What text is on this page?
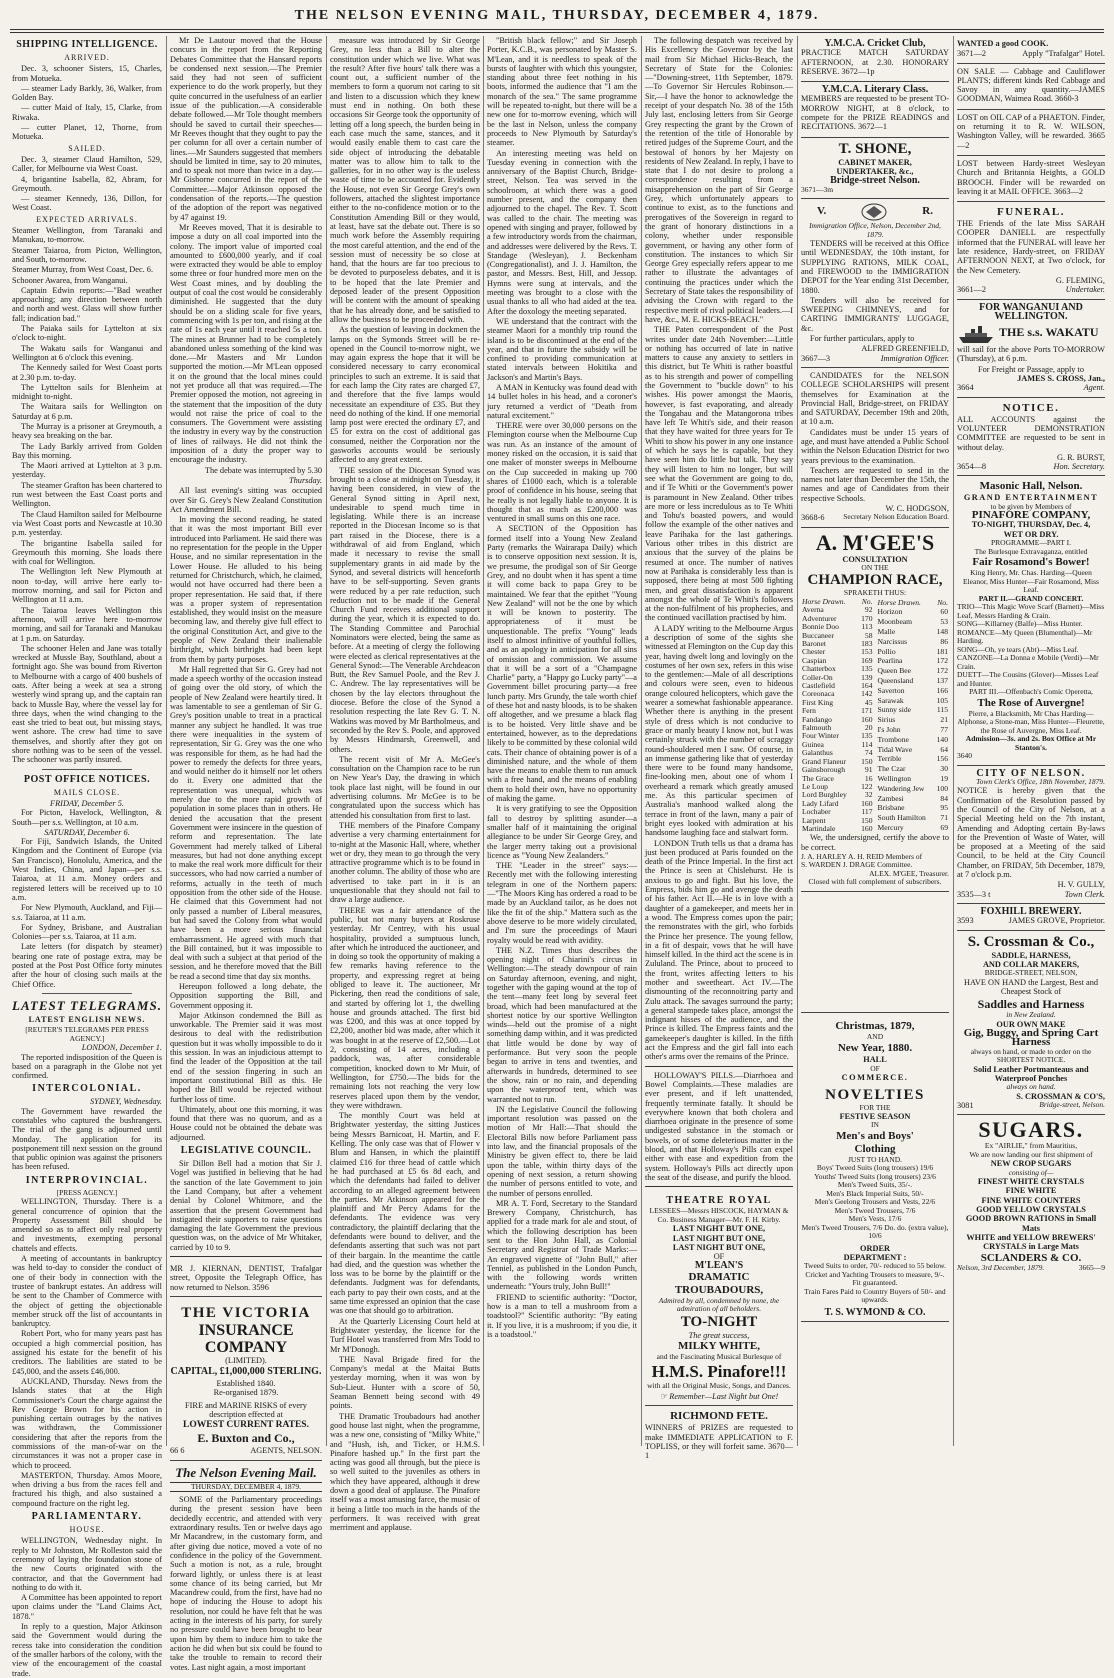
THE NELSON EVENING MAIL, THURSDAY, DECEMBER 4, 1879.
SHIPPING INTELLIGENCE.
ARRIVED.

Dec. 3, schooner Sisters, 15, Charles, from Motueka.

— steamer Lady Barkly, 36, Walker, from Golden Bay.

— cutter Maid of Italy, 15, Clarke, from Riwaka.

— cutter Planet, 12, Thorne, from Motueka.

SAILED.

Dec. 3, steamer Claud Hamilton, 529, Caller, for Melbourne via West Coast.

4, brigantine Isabella, 82, Abram, for Greymouth.

— steamer Kennedy, 136, Dillon, for West Coast.

EXPECTED ARRIVALS.

Steamer Wellington, from Taranaki and Manukau, to-morrow.

Steamer Taiaroa, from Picton, Wellington, and South, to-morrow.

Steamer Murray, from West Coast, Dec. 6.

Schooner Awarea, from Wanganui.

Captain Edwin reports:—"Bad weather approaching; any direction between north and north and west. Glass will show further fall; indication bad."

The Paiaka sails for Lyttelton at six o'clock to-night.

The Wakatu sails for Wanganui and Wellington at 6 o'clock this evening.

The Kennedy sailed for West Coast ports at 2.30 p.m. to-day.

The Lyttelton sails for Blenheim at midnight to-night.

The Waitara sails for Wellington on Saturday at 6 p.m.

The Murray is a prisoner at Greymouth, a heavy sea breaking on the bar.

The Lady Barkly arrived from Golden Bay this morning.

The Maori arrived at Lyttelton at 3 p.m. yesterday.

The steamer Grafton has been chartered to run west between the East Coast ports and Wellington.

The Claud Hamilton sailed for Melbourne via West Coast ports and Newcastle at 10.30 p.m. yesterday.

The brigantine Isabella sailed for Greymouth this morning. She loads there with coal for Wellington.

The Wellington left New Plymouth at noon to-day, will arrive here early to-morrow morning, and sail for Picton and Wellington at 11 a.m.

The Taiaroa leaves Wellington this afternoon, will arrive here to-morrow morning, and sail for Taranaki and Manukau at 1 p.m. on Saturday.

The schooner Helen and Jane was totally wrecked at Mussle Bay, Southland, about a fortnight ago. She was bound from Riverton to Melbourne with a cargo of 400 bushels of oats. After being a week at sea a strong westerly wind sprang up, and the captain ran back to Mussle Bay, where the vessel lay for three days, when the wind changing to the east she tried to beat out, but missing stays, went ashore. The crew had time to save themselves, and shortly after they got on shore nothing was to be seen of the vessel. The schooner was partly insured.

POST OFFICE NOTICES.
MAILS CLOSE.
FRIDAY, December 5.

For Picton, Havelock, Wellington, & South—per s.s. Wellington, at 10 a.m.

SATURDAY, December 6.

For Fiji, Sandwich Islands, the United Kingdom and the Continent of Europe (via San Francisco), Honolulu, America, and the West Indies, China, and Japan—per s.s. Taiaroa, at 11 a.m. Money orders and registered letters will be received up to 10 a.m.

For New Plymouth, Auckland, and Fiji—s.s. Taiaroa, at 11 a.m.

For Sydney, Brisbane, and Australian Colonies—per s.s. Taiaroa, at 11 a.m.

Late letters (for dispatch by steamer) bearing one rate of postage extra, may be posted at the Post Post Office forty minutes after the hour of closing such mails at the Chief Office.

LATEST TELEGRAMS.
LATEST ENGLISH NEWS.
[REUTER'S TELEGRAMS PER PRESS AGENCY.]
LONDON, December 1.

The reported indisposition of the Queen is based on a paragraph in the Globe not yet confirmed.

INTERCOLONIAL.
SYDNEY, Wednesday.

The Government have rewarded the constables who captured the bushrangers. The trial of the gang is adjourned until Monday. The application for its postponement till next session on the ground that public opinion was against the prisoners has been refused.

INTERPROVINCIAL.
[PRESS AGENCY.]

WELLINGTON, Thursday. There is a general concurrence of opinion that the Property Assessment Bill should be amended so as to affect only real property and investments, exempting personal chattels and effects.

A meeting of accountants in bankruptcy was held to-day to consider the conduct of one of their body in connection with the trustee of bankrupt estates. An address will be sent to the Chamber of Commerce with the object of getting the objectionable member struck off the list of accountants in bankruptcy.

Robert Port, who for many years past has occupied a high commercial position, has assigned his estate for the benefit of his creditors. The liabilities are stated to be £45,000, and the assets £46,000.

AUCKLAND, Thursday. News from the Islands states that at the High Commissioner's Court the charge against the Rev George Brown for his action in punishing certain outrages by the natives was withdrawn, the Commissioner considering that after the reports from the commissions of the man-of-war on the circumstances it was not a proper case in which to proceed.

MASTERTON, Thursday. Amos Moore, when driving a bus from the races fell and fractured his thigh, and also sustained a compound fracture on the right leg.

PARLIAMENTARY.
HOUSE.

WELLINGTON, Wednesday night. In reply to Mr Johnston, Mr Rolleston said the ceremony of laying the foundation stone of the new Courts originated with the contractor, and that the Government had nothing to do with it.

A Committee has been appointed to report upon claims under the "Land Claims Act, 1878."

In reply to a question, Major Atkinson said the Government would during the recess take into consideration the condition of the smaller harbors of the colony, with the view of the encouragement of the coastal trade.

Mr De Lautour moved that the House concurs in the report from the Reporting Debates Committee that the Hansard reports be condensed next session.—The Premier said they had not seen of sufficient experience to do the work properly, but they quite concurred in the usefulness of an earlier issue of the publication.—A considerable debate followed.—Mr Tole thought members should be saved to curtail their speeches—Mr Reeves thought that they ought to pay the per column for all over a certain number of lines.—Mr Saunders suggested that members should be limited in time, say to 20 minutes, and to speak not more than twice in a day.—Mr Gisborne concurred in the report of the Committee.—Major Atkinson opposed the condensation of the reports.—The question of the adoption of the report was negatived by 47 against 19.

Mr Reeves moved, That it is desirable to impose a duty on all coal imported into the colony. The import value of imported coal amounted to £600,000 yearly, and if coal were extracted they would be able to employ some three or four hundred more men on the West Coast mines, and by doubling the output of coal the cost would be considerably diminished. He suggested that the duty should be on a sliding scale for five years, commencing with 1s per ton, and rising at the rate of 1s each year until it reached 5s a ton. The mines at Brunner had to be completely abandoned unless something of the kind was done.—Mr Masters and Mr Lundon supported the motion.—Mr M'Lean opposed it on the ground that the local mines could not yet produce all that was required.—The Premier opposed the motion, not agreeing in the statement that the imposition of the duty would not raise the price of coal to the consumers. The Government were assisting the industry in every way by the construction of lines of railways. He did not think the imposition of a duty the proper way to encourage the industry.

The debate was interrupted by 5.30

Thursday.

All last evening's sitting was occupied over Sir G. Grey's New Zealand Constitution Act Amendment Bill.

In moving the second reading, he stated that it was the most important Bill ever introduced into Parliament. He said there was no representation for the people in the Upper House, and no similar representation in the Lower House. He alluded to his being returned for Christchurch, which, he claimed, would not have occurred had there been a proper representation. He said that, if there was a proper system of representation established, they would insist on the measure becoming law, and thereby give full effect to the original Constitution Act, and give to the people of New Zealand their inalienable birthright, which birthright had been kept from them by party purposes.

Mr Hall regretted that Sir G. Grey had not made a speech worthy of the occasion instead of going over the old story, of which the people of New Zealand were heartily tired. It was lamentable to see a gentleman of Sir G. Grey's position unable to treat in a practical manner any subject he handled. It was true there were inequalities in the system of representation, Sir G. Grey was the one who was responsible for them, as he had had the power to remedy the defects for three years, and would neither do it himself nor let others do it. Every one admitted that the representation was unequal, which was merely due to the more rapid growth of population in some places than in others. He denied the accusation that the present Government were insincere in the question of reform and representation. The late Government had merely talked of Liberal measures, but had not done anything except to make the real work more difficult for their successors, who had now carried a number of reforms, actually in the teeth of much opposition from the other side of the House. He claimed that this Government had not only passed a number of Liberal measures, but had saved the Colony from what would have been a more serious financial embarrassment. He agreed with much that the Bill contained, but it was impossible to deal with such a subject at that period of the session, and he therefore moved that the Bill be read a second time that day six months.

Hereupon followed a long debate, the Opposition supporting the Bill, and Government opposing it.

Major Atkinson condemned the Bill as unworkable. The Premier said it was most desirous to deal with the redistribution question but it was wholly impossible to do it this session. In was an injudicious attempt to find the leader of the Opposition at the tail end of the session fingering in such an important constitutional Bill as this. He hoped the Bill would be rejected without further loss of time.

Ultimately, about one this morning, it was found that there was no quorum, and as a House could not be obtained the debate was adjourned.

LEGISLATIVE COUNCIL.

Sir Dillon Bell had a motion that Sir J. Vogel was justified in believing that he had the sanction of the late Government to join the Land Company, but after a vehement denial by Colonel Whitmore, and the assertion that the present Government had instigated their supporters to raise questions damaging the late Government the previous question was, on the advice of Mr Whitaker, carried by 10 to 9.

MR J. KIERNAN, DENTIST, Trafalgar street, Opposite the Telegraph Office, has now returned to Nelson. 3596

THE VICTORIA
INSURANCE COMPANY
(LIMITED).
CAPITAL, £1,000,000 STERLING.
Established 1840.
Re-organised 1879.
FIRE and MARINE RISKS of every description effected at
LOWEST CURRENT RATES.
E. Buxton and Co.,
66 6	AGENTS, NELSON.
The Nelson Evening Mail.
THURSDAY, DECEMBER 4, 1879.

SOME of the Parliamentary proceedings during the present session have been decidedly eccentric, and attended with very extraordinary results. Ten or twelve days ago Mr Macandrew, in the customary form, and after giving due notice, moved a vote of no confidence in the policy of the Government. Such a motion is not, as a rule, brought forward lightly, or unless there is at least some chance of its being carried, but Mr Macandrew could, from the first, have had no hope of inducing the House to adopt his resolution, nor could he have felt that he was acting in the interests of his party, for surely no pressure could have been brought to bear upon him by them to induce him to take the action he did when but six could be found to take the trouble to remain to record their votes. Last night again, a most important

measure was introduced by Sir George Grey, no less than a Bill to alter the constitution under which we live. What was the result? After five hours' talk there was a count out, a sufficient number of the members to form a quorum not caring to sit and listen to a discussion which they knew must end in nothing. On both these occasions Sir George took the opportunity of letting off a long speech, the burden being in each case much the same, stances, and it would easily enable them to cast care the side object of introducing the debatable matter was to allow him to talk to the galleries, for in no other way is the useless waste of time to be accounted for. Evidently the House, not even Sir George Grey's own followers, attached the slightest importance either to the no-confidence motion or to the Constitution Amending Bill or they would, at least, have sat the debate out. There is so much work before the Assembly requiring the most careful attention, and the end of the session must of necessity be so close at hand, that the hours are far too precious to be devoted to purposeless debates, and it is to be hoped that the late Premier and deposed leader of the present Opposition will be content with the amount of speaking that he has already done, and be satisfied to allow the business to be proceeded with.

As the question of leaving in dockmen the lamps on the Symonds Street will be re-opened in the Council to-morrow night, we may again express the hope that it will be considered necessary to carry economical principles to such an extreme. It is said that for each lamp the City rates are charged £7, and therefore that the five lamps would necessitate an expenditure of £35. But they need do nothing of the kind. If one memorial lamp post were erected the ordinary £7, and £5 for extra on the cost of additional gas consumed, neither the Corporation nor the gasworks accounts would be seriously affected to any great extent.

THE session of the Diocesan Synod was brought to a close at midnight on Tuesday, it having been considered, in view of the General Synod sitting in April next, undesirable to spend much time in legislating. While there is an increase reported in the Diocesan Income so is that part raised in the Diocese, there is a withdrawal of aid from England, which made it necessary to revise the small supplementary grants in aid made by the Synod, and several districts will henceforth have to be self-supporting. Seven grants were reduced by a per rate reduction, such reduction not to be made if the General Church Fund receives additional support during the year, which it is expected to do. The Standing Committee and Parochial Nominators were elected, being the same as before. At a meeting of clergy the following were elected as clerical representatives at the General Synod:—The Venerable Archdeacon Butt, the Rev Samuel Poole, and the Rev J. C. Andrew. The lay representatives will be chosen by the lay electors throughout the diocese. Before the close of the Synod a resolution respecting the late Rev G. T. N. Watkins was moved by Mr Bartholmeus, and seconded by the Rev S. Poole, and approved by Messrs Hindmarsh, Greenwell, and others.

The recent visit of Mr A. McGee's consultation on the Champion race to be run on New Year's Day, the drawing in which took place last night, will be found in our advertising columns. Mr McGee is to be congratulated upon the success which has attended his consultation from first to last.

THE members of the Pinafore Company advertise a very charming entertainment for to-night at the Masonic Hall, where, whether wet or dry, they mean to go through the very attractive programme which is to be found in another column. The ability of those who are advertised to take part in it is an unquestionable that they should not fail to draw a large audience.

THERE was a fair attendance of the public, but not many buyers at Roskruse yesterday. Mr Centrey, with his usual hospitality, provided a sumptuous lunch, after which he introduced the auctioneer, and in doing so took the opportunity of making a few remarks having reference to the property, and expressing regret at being obliged to leave it. The auctioneer, Mr Pickering, then read the conditions of sale, and started by offering lot 1, the dwelling house and grounds attached. The first bid was £200, and this was at once topped by £2,200, another bid was made, after which it was bought in at the reserve of £2,500.—Lot 2, consisting of 14 acres, including a paddock, was, after considerable competition, knocked down to Mr Muir, of Wellington, for £750.—The bids for the remaining lots not reaching the very low reserves placed upon them by the vendor, they were withdrawn.

The monthly Court was held at Brightwater yesterday, the sitting Justices being Messrs Barnicoat, H. Martin, and F. Kelling. The only case was that of Flower v Blum and Hansen, in which the plaintiff claimed £16 for three head of cattle which he had purchased at £5 6s 8d each, and which the defendants had failed to deliver according to an alleged agreement between the parties. Mr Atkinson appeared for the plaintiff and Mr Percy Adams for the defendants. The evidence was very contradictory, the plaintiff declaring that the defendants were bound to deliver, and the defendants asserting that such was not part of their bargain. In the meantime the cattle had died, and the question was whether the loss was to be borne by the plaintiff or the defendants. Judgment was for defendants, each party to pay their own costs, and at the same time expressed an opinion that the case was one that should go to arbitration.

At the Quarterly Licensing Court held at Brightwater yesterday, the licence for the Turf Hotel was transferred from Mrs Todd to Mr M'Donogh.

THE Naval Brigade fired for the Company's medal at the Maitai Butts yesterday morning, when it was won by Sub-Lieut. Hunter with a score of 50, Seaman Bennett being second with 49 points.

THE Dramatic Troubadours had another good house last night, when the programme, was a new one, consisting of "Milky White," and "Hush, ish, and Ticker, or H.M.S. Pinafore hashed up." In the first part the acting was good all through, but the piece is so well suited to the juveniles as others in which they have appeared, although it drew down a good deal of applause. The Pinafore itself was a most amusing farce, the music of it being a little too much in the hands of the performers. It was received with great merriment and applause.

"British black fellow;" and Sir Joseph Porter, K.C.B., was personated by Master S. M'Lean, and it is needless to speak of the bursts of laughter with which this youngster, standing about three feet nothing in his boots, informed the audience that "I am the monarch of the sea." The same programme will be repeated to-night, but there will be a new one for to-morrow evening, which will be the last in Nelson, unless the company proceeds to New Plymouth by Saturday's steamer.

An interesting meeting was held on Tuesday evening in connection with the anniversary of the Baptist Church, Bridge-street, Nelson. Tea was served in the schoolroom, at which there was a good number present, and the company then adjourned to the chapel. The Rev. T. Scott was called to the chair. The meeting was opened with singing and prayer, followed by a few introductory words from the chairman, and addresses were delivered by the Revs. T. Standage (Wesleyan), J. Beckenham (Congregationalist), and J. J. Hamilton, the pastor, and Messrs. Best, Hill, and Jessop. Hymns were sung at intervals, and the meeting was brought to a close with the usual thanks to all who had aided at the tea. After the doxology the meeting separated.

WE understand that the contract with the steamer Maori for a monthly trip round the island is to be discontinued at the end of the year, and that in future the subsidy will be confined to providing communication at stated intervals between Hokitika and Jackson's and Martin's Bays.

A MAN in Kentucky was found dead with 14 bullet holes in his head, and a coroner's jury returned a verdict of "Death from natural excitement."

THERE were over 30,000 persons on the Flemington course when the Melbourne Cup was run. As an instance of the amount of money risked on the occasion, it is said that one maker of monster sweeps in Melbourne on the Cup succeeded in making up 700 shares of £1000 each, which is a tolerable proof of confidence in his house, seeing that he really is not legally liable to anyone. It is thought that as much as £200,000 was ventured in small sums on this one race.

A SECTION of the Opposition has formed itself into a Young New Zealand Party (remarks the Wairarapa Daily) which is to conserve opposition next session. It is, we presume, the prodigal son of Sir George Grey, and no doubt when it has spent a time it will come back to papa Grey to be maintained. We fear that the epithet "Young New Zealand" will not be the one by which it will be known to posterity. The appropriateness of it must be unquestionable. The prefix "Young" leads itself to almost infinitive of youthful follies, and as an apology in anticipation for all sins of omission and commission. We assume that it will be a sort of a "Champagne Charlie" party, a "Happy go Lucky party"—a Government billet procuring party—a free lunch party. Mrs Grundy, the tale worth chief of these hot and nasty bloods, is to be shaken off altogether, and we presume a black flag is to be hoisted. Very little shave and be entertained, however, as to the depredations likely to be committed by these colonial wild cats. Their chance of obtaining power is of a diminished nature, and the whole of them have the means to enable them to run amuck with a free hand, and the means of enabling them to hold their own, have no opportunity of making the game.

It is very gratifying to see the Opposition fall to destroy by splitting asunder—a smaller half of it maintaining the original allegiance to be under Sir George Grey, and the larger merry taking out a provisional licence as "Young New Zealanders."

THE "Leader in the street" says:—Recently met with the following interesting telegram in one of the Northern papers:—"The Moors King has ordered a road to be made by an Auckland tailor, as he does not like the fit of the ship." Mattera such as the above deserve to be more widely circulated, and I'm sure the proceedings of Mauri royalty would be read with avidity.

THE N.Z. Times thus describes the opening night of Chiarini's circus in Wellington:—The steady downpour of rain on Saturday afternoon, evening, and night, together with the gaping wound at the top of the tent—many feet long by several feet broad, which had been manufactured at the shortest notice by our sportive Wellington winds—held out the promise of a night something damp within, and it was predicted that little would be done by way of performance. But very soon the people began to arrive in tens and twenties, and afterwards in hundreds, determined to see the show, rain or no rain, and depending upon the waterproof tent, which was warranted not to run.

IN the Legislative Council the following important resolution was passed on the motion of Mr Hall:—That should the Electoral Bills now before Parliament pass into law, and the financial proposals of the Ministry be given effect to, there be laid upon the table, within thirty days of the opening of next session, a return showing the number of persons entitled to vote, and the number of persons enrolled.

MR A. T. Ford, Secretary to the Standard Brewery Company, Christchurch, has applied for a trade mark for ale and stout, of which the following description has been sent to the Hon John Hall, as Colonial Secretary and Registrar of Trade Marks:—An engraved vignette of "John Bull," after Tenniel, as published in the London Punch, with the following words written underneath: "Yours truly, John Bull!"

FRIEND to scientific authority: "Doctor, how is a man to tell a mushroom from a toadstool?" Scientific authority: "By eating it. If you live, it is a mushroom; if you die, it is a toadstool."

The following despatch was received by His Excellency the Governor by the last mail from Sir Michael Hicks-Beach, the Secretary of State for the Colonies:—"Downing-street, 11th September, 1879.—To Governor Sir Hercules Robinson.—Sir,—I have the honor to acknowledge the receipt of your despatch No. 38 of the 15th July last, enclosing letters from Sir George Grey respecting the grant by the Crown of the retention of the title of Honorable by retired judges of the Supreme Court, and the bestowal of honors by her Majesty on residents of New Zealand. In reply, I have to state that I do not desire to prolong a correspondence resulting from a misapprehension on the part of Sir George Grey, which unfortunately appears to continue to exist, as to the functions and prerogatives of the Sovereign in regard to the grant of honorary distinctions in a colony, whether under responsible government, or having any other form of constitution. The instances to which Sir George Grey especially refers appear to me rather to illustrate the advantages of continuing the practices under which the Secretary of State takes the responsibility of advising the Crown with regard to the respective merit of rival political leaders.—I have, &c., M. E. HICKS-BEACH."

THE Paten correspondent of the Post writes under date 24th November:—Little or nothing has occurred of late in native matters to cause any anxiety to settlers in this district, but Te Whiti is rather boastful as to his strength and power of compelling the Government to "buckle down" to his wishes. His power amongst the Maoris, however, is fast evaporating, and already the Tongahau and the Matangorona tribes have left Te Whiti's side, and their reason that they have waited for three years for Te Whiti to show his power in any one instance of which he says he is capable, but they have seen him do little but talk. They say they will listen to him no longer, but will see what the Government are going to do, and if Te Whiti or the Government's power is paramount in New Zealand. Other tribes are more or less incredulous as to Te Whiti and Tohu's boasted powers, and would follow the example of the other natives and leave Parihaka for the last gatherings. Various other tribes in this district are anxious that the survey of the plains be resumed at once. The number of natives now at Parihaka is considerably less than is supposed, there being at most 500 fighting men, and great dissatisfaction is apparent amongst the whole of Te Whiti's followers at the non-fulfilment of his prophecies, and the continued vacillation practised by him.

A LADY writing to the Melbourne Argus a description of some of the sights she witnessed at Flemington on the Cup day this year, having dwelt long and lovingly on the costumes of her own sex, refers in this wise to the gentlemen:—Male of all descriptions and colours were seen, even to hideous orange coloured helicopters, which gave the wearer a somewhat fashionable appearance. Whether there is anything in the present style of dress which is not conducive to grace or manly beauty I know not, but I was certainly struck with the number of scraggy round-shouldered men I saw. Of course, in an immense gathering like that of yesterday there were to be found many handsome, fine-looking men, about one of whom I overheard a remark which greatly amused me. As this particular specimen of Australia's manhood walked along the terrace in front of the lawn, many a pair of bright eyes looked with admiration at his handsome laughing face and stalwart form.

LONDON Truth tells us that a drama has just been produced at Paris founded on the death of the Prince Imperial. In the first act the Prince is seen at Chislehurst. He is anxious to go and fight. But his love, the Empress, bids him go and avenge the death of his father. Act II.—He is in love with a daughter of a gamekeeper, and meets her in a wood. The Empress comes upon the pair; the remonstrates with the girl, who forbids the Prince her presence. The young fellow, in a fit of despair, vows that he will have himself killed. In the third act the scene is in Zululand. The Prince, about to proceed to the front, writes affecting letters to his mother and sweetheart. Act IV.—The dismounting of the reconnoitring party and Zulu attack. The savages surround the party; a general stampede takes place, amongst the indignant hisses of the audience, and the Prince is killed. The Empress faints and the gamekeeper's daughter is killed. In the fifth act the Empress and the girl fall into each other's arms over the remains of the Prince.

HOLLOWAY'S PILLS.—Diarrhoea and Bowel Complaints.—These maladies are ever present, and if left unattended, frequently terminate fatally. It should be everywhere known that both cholera and diarrhoea originate in the presence of some undigested substance in the stomach or bowels, or of some deleterious matter in the blood, and that Holloway's Pills can expel either with ease and expedition from the system. Holloway's Pills act directly upon the seat of the disease, and purify the blood.

THEATRE ROYAL
LESSEES—Messrs HISCOCK, HAYMAN & Co. Business Manager—Mr. F. H. Kirby.
LAST NIGHT BUT ONE,
LAST NIGHT BUT ONE,
LAST NIGHT BUT ONE,
OF
M'LEAN'S
DRAMATIC TROUBADOURS,
Admired by all, condemned by none, the admiration of all beholders.
TO-NIGHT
The great success,
MILKY WHITE,
and the Fascinating Musical Burlesque of
H.M.S. Pinafore!!!
with all the Original Music, Songs, and Dances.
☞ Remember—Last Night but One!
RICHMOND FETE.

WINNERS of PRIZES are requested to make IMMEDIATE APPLICATION to F. TOPLISS, or they will forfeit same. 3670—1

Y.M.C.A. Cricket Club,

PRACTICE MATCH SATURDAY AFTERNOON, at 2.30. HONORARY RESERVE. 3672—1p

Y.M.C.A. Literary Class.

MEMBERS are requested to be present TO-MORROW NIGHT, at 8 o'clock, to compete for the PRIZE READINGS and RECITATIONS. 3672—1

T. SHONE,
CABINET MAKER,
UNDERTAKER, &c.,
Bridge-street Nelson.
3671—3m
V.	R.
Immigration Office, Nelson, December 2nd, 1879.

TENDERS will be received at this Office until WEDNESDAY, the 10th instant, for SUPPLYING RATIONS, MILK COAL, and FIREWOOD to the IMMIGRATION DEPOT for the Year ending 31st December, 1880.

Tenders will also be received for SWEEPING CHIMNEYS, and for CARTING IMMIGRANTS' LUGGAGE, &c.

For further particulars, apply to

ALFRED GREENFIELD,
3667—3	Immigration Officer.

CANDIDATES for the NELSON COLLEGE SCHOLARSHIPS will present themselves for Examination at the Provincial Hall, Bridge-street, on FRIDAY and SATURDAY, December 19th and 20th, at 10 a.m.

Candidates must be under 15 years of age, and must have attended a Public School within the Nelson Education District for two years previous to the examination.

Teachers are requested to send in the names not later than December the 15th, the names and age of Candidates from their respective Schools.

W. C. HODGSON,
3668-6 Secretary Nelson Education Board.
A. M'GEE'S
CONSULTATION
ON THE
CHAMPION RACE,
SPRAKETH THUS:
Horse Drawn.	No.
Averna	92
Adventurer	170
Bonnie Doo	113
Buccaneer	58
Baronet	183
Chester	153
Caspian	169
Chatterbox	135
Coller-On	139
Castlefield	164
Coreonaca	142
First King	45
Fern	171
Fandango	160
Falmouth	20
Four Winter	135
Guinea	114
Galanthus	74
Grand Flaneur	150
Gainsborough	91
The Grace	16
Le Loup	122
Lord Burghley	32
Lady Lifard	160
Lochaber	117
Larpent	150
Martindale	160
Horse Drawn.	No.
Horizon	60
Moonbeam	53
Malle	148
Narcissus	86
Pollio	181
Pearlina	172
Queen Bee	172
Queensland	137
Saverton	166
Sarawak	105
Sunny side	115
Sirius	21
I's John	77
Trombone	140
Tidal Wave	64
Terrible	156
The Czar	30
Wellington	19
Wandering Jew	100
Zambesi	84
Brisbane	95
South Hamilton	71
Mercury	69

We, the undersigned, certify the above to be correct.

J. A. HARLEY A. H. REID Members of
S. WARDEN J. DRAGE Committee.
ALEX. M'GEE, Treasurer.
Closed with full complement of subscribers.
Christmas, 1879,
AND
New Year, 1880.
HALL
OF
COMMERCE.
NOVELTIES
FOR THE
FESTIVE SEASON
IN
Men's and Boys'
Clothing
JUST TO HAND.
Boys' Tweed Suits (long trousers) 19/6
Youths' Tweed Suits (long trousers) 23/6
Men's Tweed Suits, 35/-.
Men's Black Imperial Suits, 50/-
Men's Geelong Trousers and Vests, 22/6
Men's Tweed Trousers, 7/6
Men's Vests, 17/6
Men's Tweed Trousers, 7/6 Do. do. (extra value), 10/6
ORDER
DEPARTMENT :
Tweed Suits to order, 70/- reduced to 55 below.
Cricket and Yachting Trousers to measure, 9/-. Fit guaranteed.
Train Fares Paid to Country Buyers of 50/- and upwards.
T. S. WYMOND & CO.

WANTED a good COOK.

3671—2	Apply "Trafalgar" Hotel.

ON SALE — Cabbage and Cauliflower PLANTS; different kinds Red Cabbage and Savoy in any quantity.—JAMES GOODMAN, Waimea Road. 3660-3

LOST on OIL CAP of a PHAETON. Finder, on returning it to R. W. WILSON, Washington Valley, will be rewarded. 3665—2

LOST between Hardy-street Wesleyan Church and Britannia Heights, a GOLD BROOCH. Finder will be rewarded on leaving it at MAIL OFFICE. 3663—2

FUNERAL.

THE Friends of the late Miss SARAH COOPER DANIELL are respectfully informed that the FUNERAL will leave her late residence, Hardy-street, on FRIDAY AFTERNOON NEXT, at Two o'clock, for the New Cemetery.

G. FLEMING,
3661—2	Undertaker.
FOR WANGANUI AND WELLINGTON.
THE s.s. WAKATU

will sail for the above Ports TO-MORROW (Thursday), at 6 p.m.

For Freight or Passage, apply to
JAMES S. CROSS, Jan.,
3664	Agent.
NOTICE.

ALL ACCOUNTS against the VOLUNTEER DEMONSTRATION COMMITTEE are requested to be sent in without delay.

G. R. BURST,
3654—8	Hon. Secretary.
Masonic Hall, Nelson.
GRAND ENTERTAINMENT
to be given by Members of
PINAFORE COMPANY,
TO-NIGHT, THURSDAY, Dec. 4,
WET OR DRY.
PROGRAMME—PART I.
The Burlesque Extravaganza, entitled
Fair Rosamond's Bower!
King Henry, Mr. Chas. Harding—Queen Eleanor, Miss Hunter—Fair Rosamond, Miss Leaf.
PART II.—GRAND CONCERT.
TRIO—This Magic Wove Scarf (Barnett)—Miss Leaf, Messrs Harding & Crain.
SONG—Killarney (Balfe)—Miss Hunter.
ROMANCE—My Queen (Blumenthal)—Mr Harding.
SONG—Oh, ye tears (Abt)—Miss Leaf.
CANZONE—La Donna e Mobile (Verdi)—Mr Crain.
DUETT—The Cousins (Glover)—Misses Leaf and Hunter.
PART III.—Offenbach's Comic Operetta,
The Rose of Auvergne!
Pierre, a Blacksmith, Mr Chas Harding—Alphonse, a Stone-man, Miss Hunter—Fleurette, the Rose of Auvergne, Miss Leaf.
Admission—3s. and 2s. Box Office at Mr Stanton's.
3640
CITY OF NELSON.
Town Clerk's Office, 18th November, 1879.

NOTICE is hereby given that the Confirmation of the Resolution passed by the Council of the City of Nelson, at a Special Meeting held on the 7th instant, Amending and Adopting certain By-laws for the Prevention of Waste of Water, will be proposed at a Meeting of the said Council, to be held at the City Council Chamber, on FRIDAY, 5th December, 1879, at 7 o'clock p.m.

H. V. GULLY,
3535—3 t	Town Clerk.
FOXHILL BREWERY.
3593	JAMES GROVE, Proprietor.
S. Crossman & Co.,
SADDLE, HARNESS,
AND COLLAR MAKERS,
BRIDGE-STREET, NELSON,

HAVE ON HAND the Largest, Best and Cheapest Stock of

Saddles and Harness
in New Zealand.
OUR OWN MAKE
Gig, Buggy, and Spring Cart
Harness
always on hand, or made to order on the SHORTEST NOTICE.
Solid Leather Portmanteaus and
Waterproof Ponches
always on hand.
S. CROSSMAN & CO'S,
3081	Bridge-street, Nelson.
SUGARS.
Ex "AIRLIE," from Mauritius,
We are now landing our first shipment of
NEW CROP SUGARS
consisting of—
FINEST WHITE CRYSTALS
FINE WHITE
FINE WHITE COUNTERS
GOOD YELLOW CRYSTALS
GOOD BROWN RATIONS in Small Mats
WHITE and YELLOW BREWERS' CRYSTALS in Large Mats
SCLANDERS & CO.
Nelson, 3rd December, 1879.	3665—9
